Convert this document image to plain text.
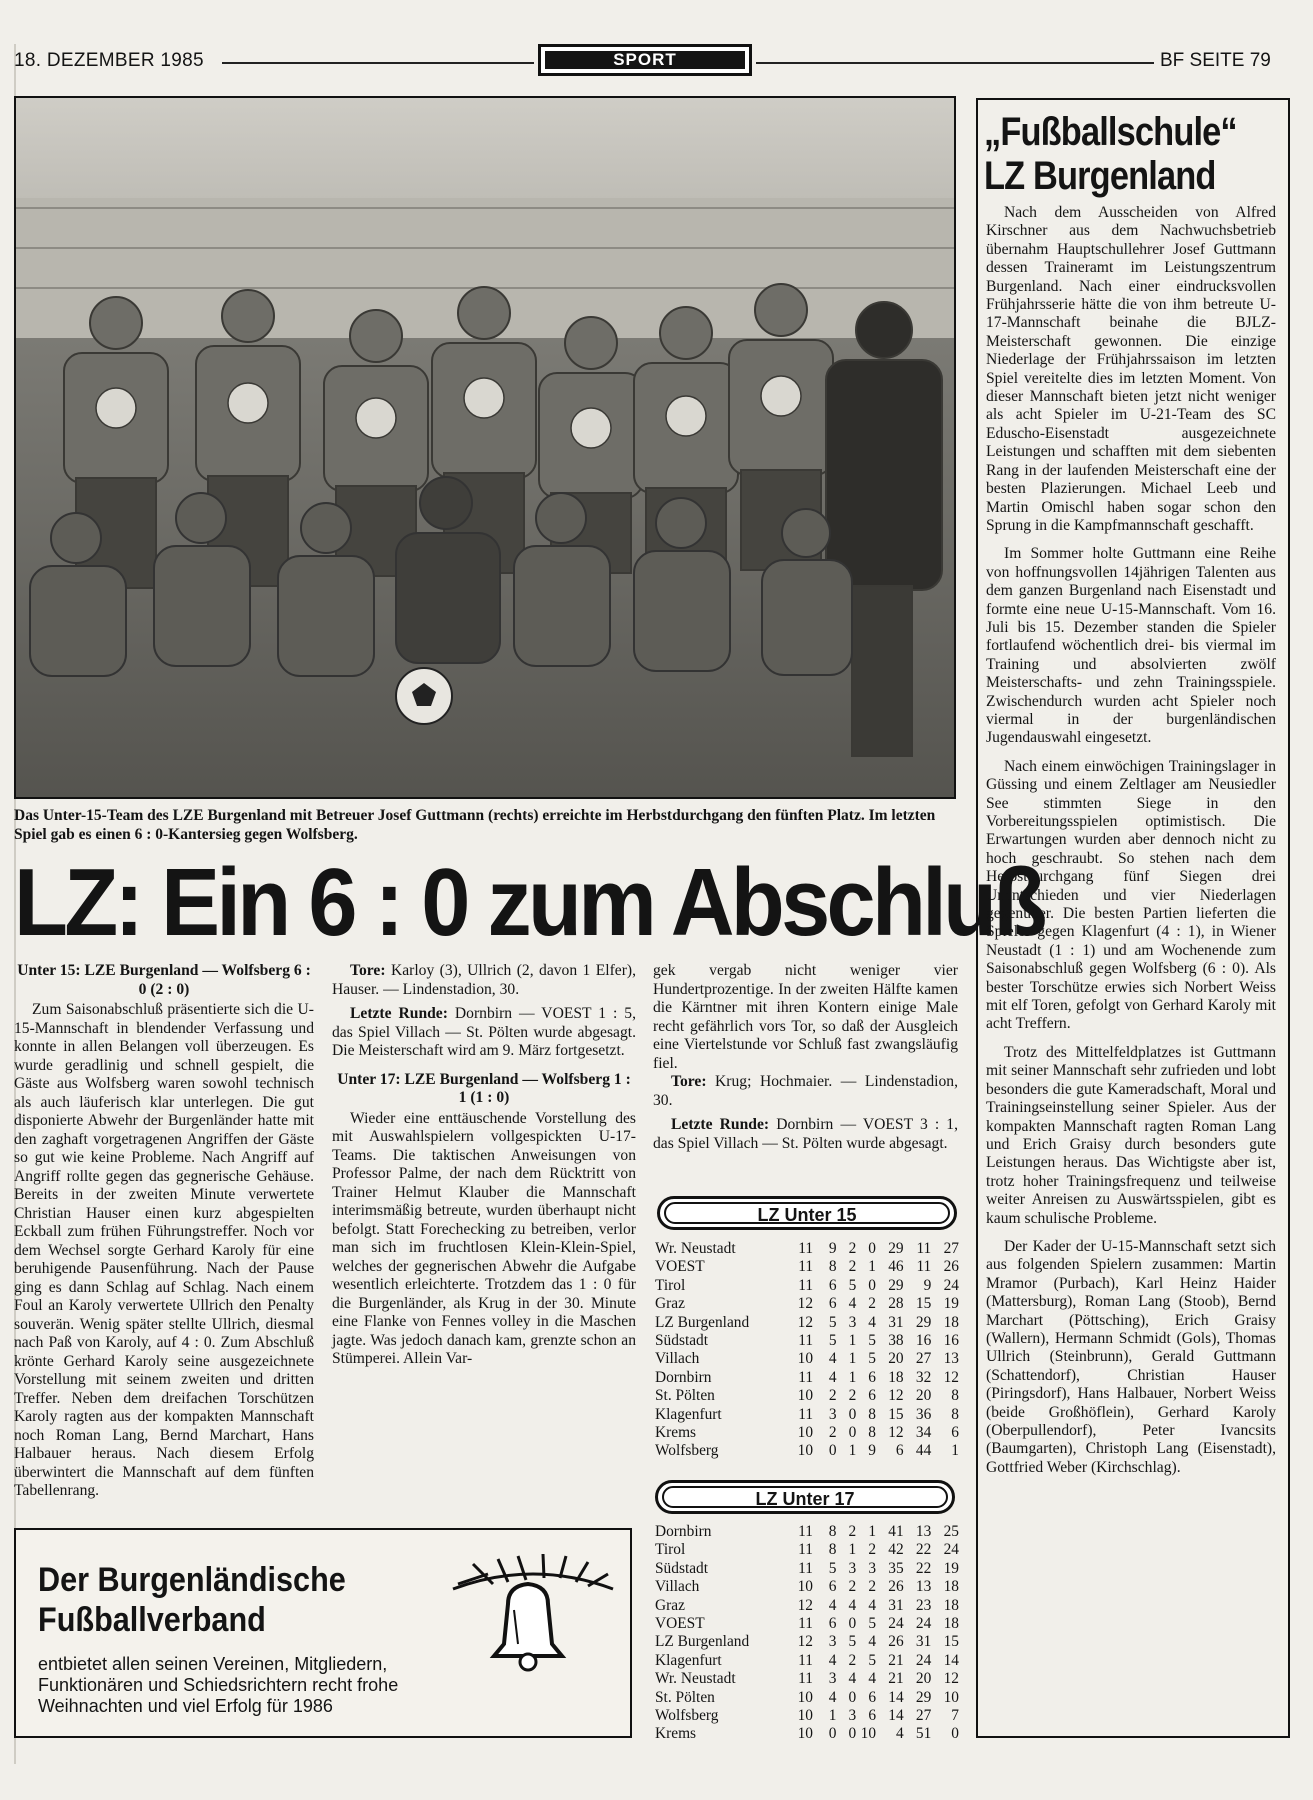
18. DEZEMBER 1985	SPORT	BF SEITE 79
Das Unter-15-Team des LZE Burgenland mit Betreuer Josef Guttmann (rechts) erreichte im Herbstdurchgang den fünften Platz. Im letzten Spiel gab es einen 6 : 0-Kantersieg gegen Wolfsberg.
LZ: Ein 6 : 0 zum Abschluß

Unter 15: LZE Burgenland — Wolfsberg 6 : 0 (2 : 0)

Zum Saisonabschluß präsentierte sich die U-15-Mannschaft in blendender Verfassung und konnte in allen Belangen voll überzeugen. Es wurde geradlinig und schnell gespielt, die Gäste aus Wolfsberg waren sowohl technisch als auch läuferisch klar unterlegen. Die gut disponierte Abwehr der Burgenländer hatte mit den zaghaft vorgetragenen Angriffen der Gäste so gut wie keine Probleme. Nach Angriff auf Angriff rollte gegen das gegnerische Gehäuse. Bereits in der zweiten Minute verwertete Christian Hauser einen kurz abgespielten Eckball zum frühen Führungstreffer. Noch vor dem Wechsel sorgte Gerhard Karoly für eine beruhigende Pausenführung. Nach der Pause ging es dann Schlag auf Schlag. Nach einem Foul an Karoly verwertete Ullrich den Penalty souverän. Wenig später stellte Ullrich, diesmal nach Paß von Karoly, auf 4 : 0. Zum Abschluß krönte Gerhard Karoly seine ausgezeichnete Vorstellung mit seinem zweiten und dritten Treffer. Neben dem dreifachen Torschützen Karoly ragten aus der kompakten Mannschaft noch Roman Lang, Bernd Marchart, Hans Halbauer heraus. Nach diesem Erfolg überwintert die Mannschaft auf dem fünften Tabellenrang.

Tore: Karloy (3), Ullrich (2, davon 1 Elfer), Hauser. — Lindenstadion, 30.

Letzte Runde: Dornbirn — VOEST 1 : 5, das Spiel Villach — St. Pölten wurde abgesagt. Die Meisterschaft wird am 9. März fortgesetzt.

Unter 17: LZE Burgenland — Wolfsberg 1 : 1 (1 : 0)

Wieder eine enttäuschende Vorstellung des mit Auswahlspielern vollgespickten U-17-Teams. Die taktischen Anweisungen von Professor Palme, der nach dem Rücktritt von Trainer Helmut Klauber die Mannschaft interimsmäßig betreute, wurden überhaupt nicht befolgt. Statt Forechecking zu betreiben, verlor man sich im fruchtlosen Klein-Klein-Spiel, welches der gegnerischen Abwehr die Aufgabe wesentlich erleichterte. Trotzdem das 1 : 0 für die Burgenländer, als Krug in der 30. Minute eine Flanke von Fennes volley in die Maschen jagte. Was jedoch danach kam, grenzte schon an Stümperei. Allein Var-

gek vergab nicht weniger vier Hundertprozentige. In der zweiten Hälfte kamen die Kärntner mit ihren Kontern einige Male recht gefährlich vors Tor, so daß der Ausgleich eine Viertelstunde vor Schluß fast zwangsläufig fiel.

Tore: Krug; Hochmaier. — Lindenstadion, 30.

Letzte Runde: Dornbirn — VOEST 3 : 1, das Spiel Villach — St. Pölten wurde abgesagt.

LZ Unter 15
Wr. Neustadt	11	9	2	0	29	11	27
VOEST	11	8	2	1	46	11	26
Tirol	11	6	5	0	29	9	24
Graz	12	6	4	2	28	15	19
LZ Burgenland	12	5	3	4	31	29	18
Südstadt	11	5	1	5	38	16	16
Villach	10	4	1	5	20	27	13
Dornbirn	11	4	1	6	18	32	12
St. Pölten	10	2	2	6	12	20	8
Klagenfurt	11	3	0	8	15	36	8
Krems	10	2	0	8	12	34	6
Wolfsberg	10	0	1	9	6	44	1
LZ Unter 17
Dornbirn	11	8	2	1	41	13	25
Tirol	11	8	1	2	42	22	24
Südstadt	11	5	3	3	35	22	19
Villach	10	6	2	2	26	13	18
Graz	12	4	4	4	31	23	18
VOEST	11	6	0	5	24	24	18
LZ Burgenland	12	3	5	4	26	31	15
Klagenfurt	11	4	2	5	21	24	14
Wr. Neustadt	11	3	4	4	21	20	12
St. Pölten	10	4	0	6	14	29	10
Wolfsberg	10	1	3	6	14	27	7
Krems	10	0	0	10	4	51	0
„Fußballschule“
LZ Burgenland

Nach dem Ausscheiden von Alfred Kirschner aus dem Nachwuchsbetrieb übernahm Hauptschullehrer Josef Guttmann dessen Traineramt im Leistungszentrum Burgenland. Nach einer eindrucksvollen Frühjahrsserie hätte die von ihm betreute U-17-Mannschaft beinahe die BJLZ-Meisterschaft gewonnen. Die einzige Niederlage der Frühjahrssaison im letzten Spiel vereitelte dies im letzten Moment. Von dieser Mannschaft bieten jetzt nicht weniger als acht Spieler im U-21-Team des SC Eduscho-Eisenstadt ausgezeichnete Leistungen und schafften mit dem siebenten Rang in der laufenden Meisterschaft eine der besten Plazierungen. Michael Leeb und Martin Omischl haben sogar schon den Sprung in die Kampfmannschaft geschafft.

Im Sommer holte Guttmann eine Reihe von hoffnungsvollen 14jährigen Talenten aus dem ganzen Burgenland nach Eisenstadt und formte eine neue U-15-Mannschaft. Vom 16. Juli bis 15. Dezember standen die Spieler fortlaufend wöchentlich drei- bis viermal im Training und absolvierten zwölf Meisterschafts- und zehn Trainingsspiele. Zwischendurch wurden acht Spieler noch viermal in der burgenländischen Jugendauswahl eingesetzt.

Nach einem einwöchigen Trainingslager in Güssing und einem Zeltlager am Neusiedler See stimmten Siege in den Vorbereitungsspielen optimistisch. Die Erwartungen wurden aber dennoch nicht zu hoch geschraubt. So stehen nach dem Herbstdurchgang fünf Siegen drei Unentschieden und vier Niederlagen gegenüber. Die besten Partien lieferten die Spieler gegen Klagenfurt (4 : 1), in Wiener Neustadt (1 : 1) und am Wochenende zum Saisonabschluß gegen Wolfsberg (6 : 0). Als bester Torschütze erwies sich Norbert Weiss mit elf Toren, gefolgt von Gerhard Karoly mit acht Treffern.

Trotz des Mittelfeldplatzes ist Guttmann mit seiner Mannschaft sehr zufrieden und lobt besonders die gute Kameradschaft, Moral und Trainingseinstellung seiner Spieler. Aus der kompakten Mannschaft ragten Roman Lang und Erich Graisy durch besonders gute Leistungen heraus. Das Wichtigste aber ist, trotz hoher Trainingsfrequenz und teilweise weiter Anreisen zu Auswärtsspielen, gibt es kaum schulische Probleme.

Der Kader der U-15-Mannschaft setzt sich aus folgenden Spielern zusammen: Martin Mramor (Purbach), Karl Heinz Haider (Mattersburg), Roman Lang (Stoob), Bernd Marchart (Pöttsching), Erich Graisy (Wallern), Hermann Schmidt (Gols), Thomas Ullrich (Steinbrunn), Gerald Guttmann (Schattendorf), Christian Hauser (Piringsdorf), Hans Halbauer, Norbert Weiss (beide Großhöflein), Gerhard Karoly (Oberpullendorf), Peter Ivancsits (Baumgarten), Christoph Lang (Eisenstadt), Gottfried Weber (Kirchschlag).

Der Burgenländische
Fußballverband
entbietet allen seinen Vereinen, Mitgliedern, Funktionären und Schiedsrichtern recht frohe Weihnachten und viel Erfolg für 1986
